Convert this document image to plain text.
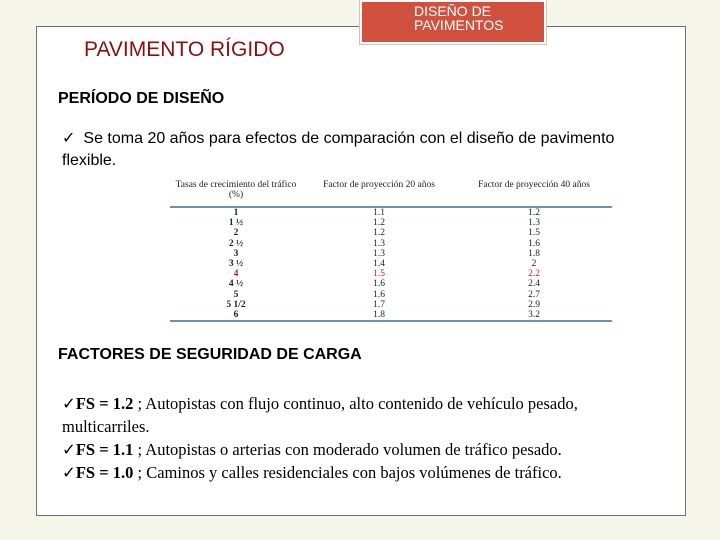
DISEÑO DE
PAVIMENTOS
PAVIMENTO RÍGIDO
PERÍODO DE DISEÑO
✓ Se toma 20 años para efectos de comparación con el diseño de pavimento flexible.
Tasas de crecimiento del tráfico (%)	Factor de proyección 20 años	Factor de proyección 40 años
1	1.1	1.2
1 ½	1.2	1.3
2	1.2	1.5
2 ½	1.3	1.6
3	1.3	1.8
3 ½	1.4	2
4	1.5	2.2
4 ½	1.6	2.4
5	1.6	2.7
5 1/2	1.7	2.9
6	1.8	3.2
FACTORES DE SEGURIDAD DE CARGA
✓FS = 1.2 ; Autopistas con flujo continuo, alto contenido de vehículo pesado, multicarriles.
✓FS = 1.1 ; Autopistas o arterias con moderado volumen de tráfico pesado.
✓FS = 1.0 ; Caminos y calles residenciales con bajos volúmenes de tráfico.
